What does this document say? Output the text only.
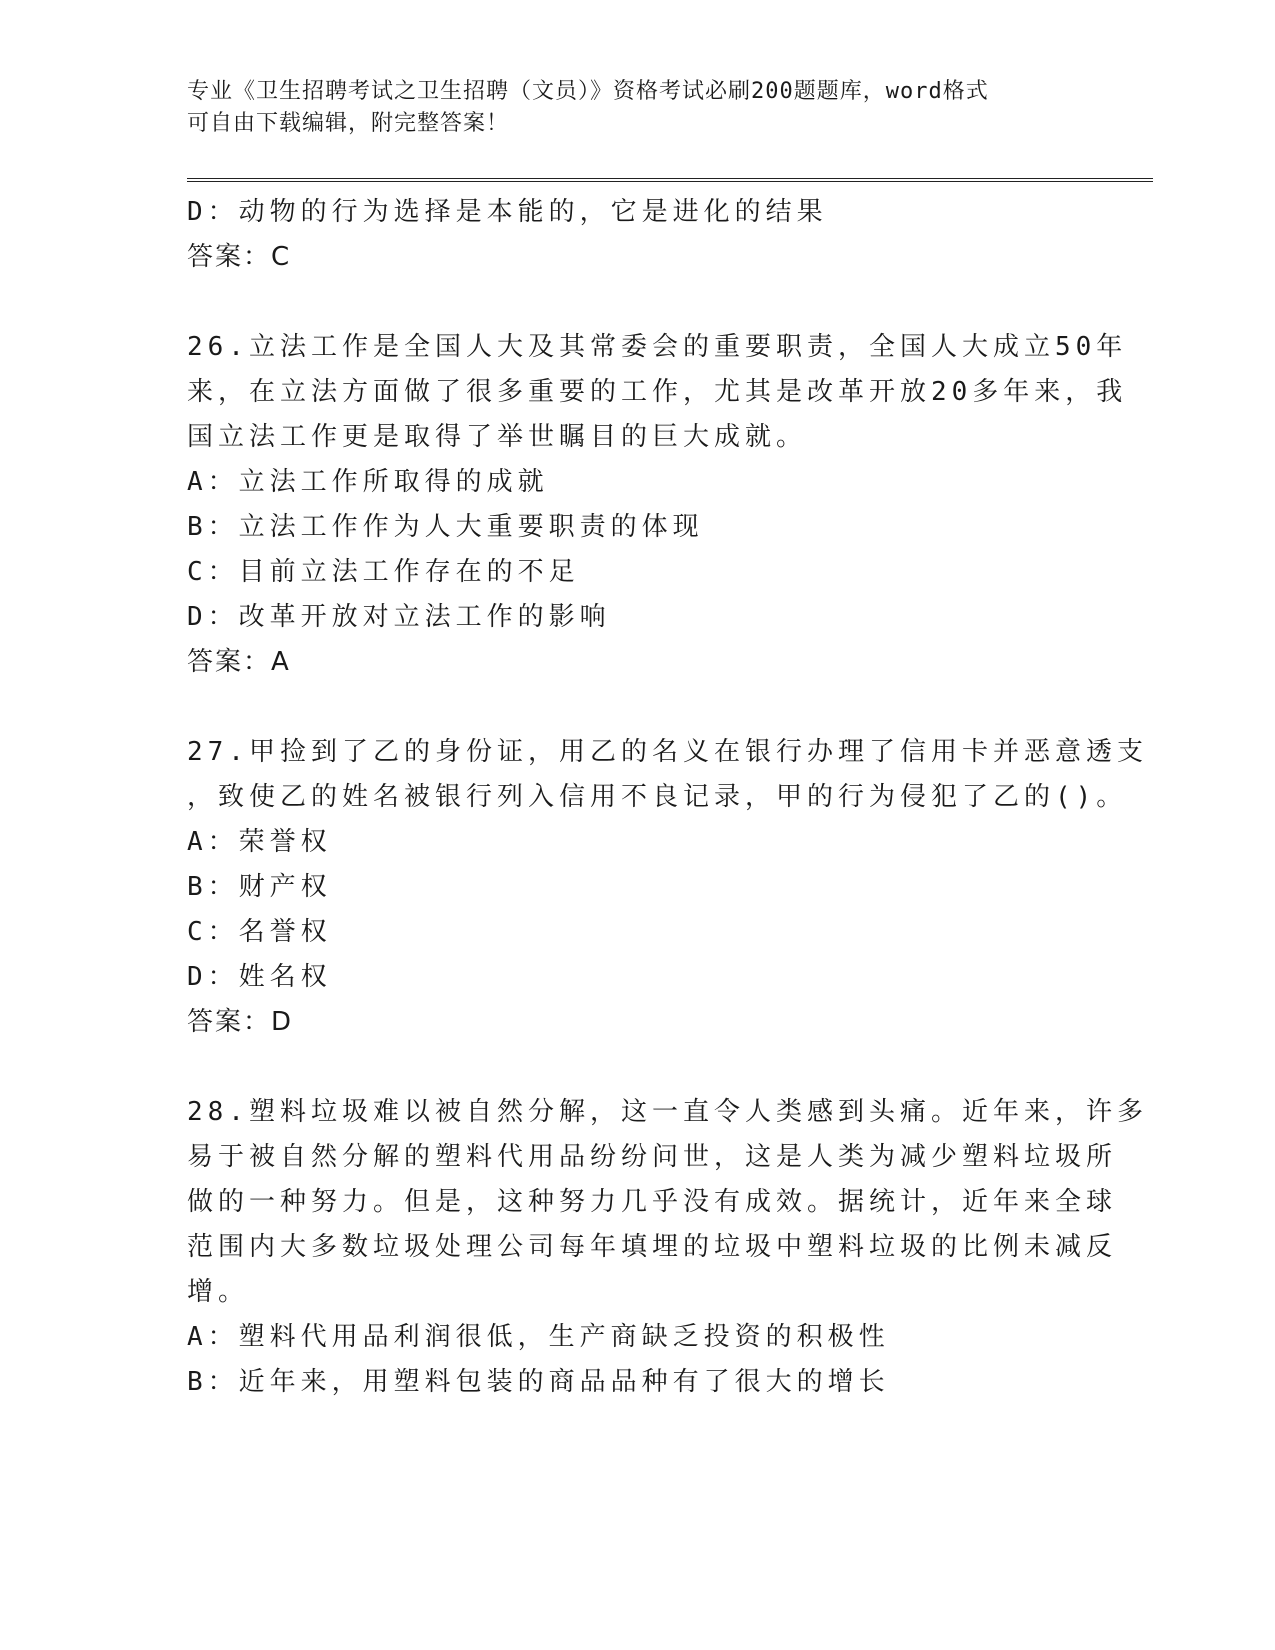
专业《卫生招聘考试之卫生招聘（文员）》资格考试必刷200题题库，word格式
可自由下载编辑，附完整答案！
D：动物的行为选择是本能的，它是进化的结果
答案：C
26.立法工作是全国人大及其常委会的重要职责，全国人大成立50年
来，在立法方面做了很多重要的工作，尤其是改革开放20多年来，我
国立法工作更是取得了举世瞩目的巨大成就。
A：立法工作所取得的成就
B：立法工作作为人大重要职责的体现
C：目前立法工作存在的不足
D：改革开放对立法工作的影响
答案：A
27.甲捡到了乙的身份证，用乙的名义在银行办理了信用卡并恶意透支
，致使乙的姓名被银行列入信用不良记录，甲的行为侵犯了乙的()。
A：荣誉权
B：财产权
C：名誉权
D：姓名权
答案：D
28.塑料垃圾难以被自然分解，这一直令人类感到头痛。近年来，许多
易于被自然分解的塑料代用品纷纷问世，这是人类为减少塑料垃圾所
做的一种努力。但是，这种努力几乎没有成效。据统计，近年来全球
范围内大多数垃圾处理公司每年填埋的垃圾中塑料垃圾的比例未减反
增。
A：塑料代用品利润很低，生产商缺乏投资的积极性
B：近年来，用塑料包装的商品品种有了很大的增长
